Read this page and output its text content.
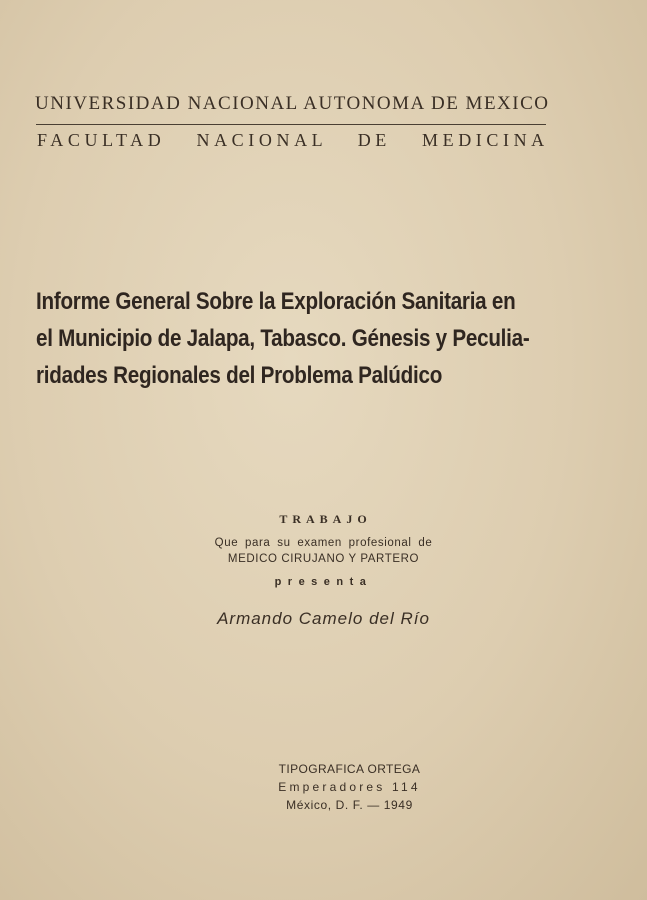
UNIVERSIDAD NACIONAL AUTONOMA DE MEXICO
FACULTAD NACIONAL DE MEDICINA
Informe General Sobre la Exploración Sanitaria en
el Municipio de Jalapa, Tabasco. Génesis y Peculia-
ridades Regionales del Problema Palúdico
TRABAJO
Que para su examen profesional de
MEDICO CIRUJANO Y PARTERO
presenta
Armando Camelo del Río
TIPOGRAFICA ORTEGA
Emperadores 114
México, D. F. — 1949
